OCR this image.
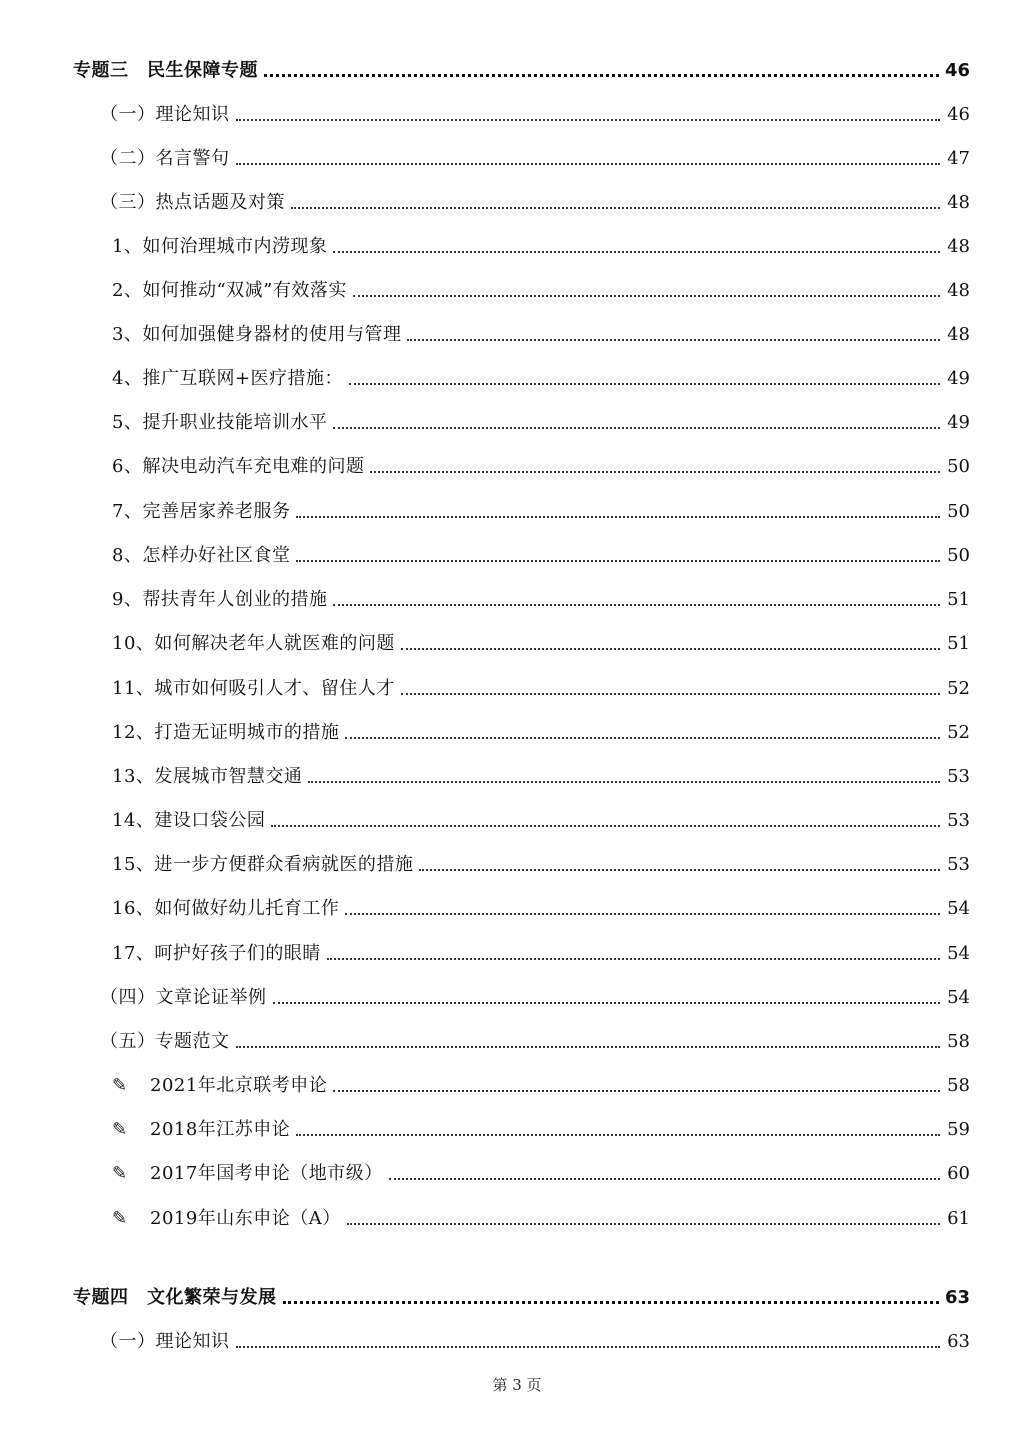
专题三　民生保障专题	46
（一）理论知识	46
（二）名言警句	47
（三）热点话题及对策	48
1、如何治理城市内涝现象	48
2、如何推动“双减”有效落实	48
3、如何加强健身器材的使用与管理	48
4、推广互联网+医疗措施：	49
5、提升职业技能培训水平	49
6、解决电动汽车充电难的问题	50
7、完善居家养老服务	50
8、怎样办好社区食堂	50
9、帮扶青年人创业的措施	51
10、如何解决老年人就医难的问题	51
11、城市如何吸引人才、留住人才	52
12、打造无证明城市的措施	52
13、发展城市智慧交通	53
14、建设口袋公园	53
15、进一步方便群众看病就医的措施	53
16、如何做好幼儿托育工作	54
17、呵护好孩子们的眼睛	54
（四）文章论证举例	54
（五）专题范文	58
✎ 2021年北京联考申论	58
✎ 2018年江苏申论	59
✎ 2017年国考申论（地市级）	60
✎ 2019年山东申论（A）	61
专题四　文化繁荣与发展	63
（一）理论知识	63
第 3 页
